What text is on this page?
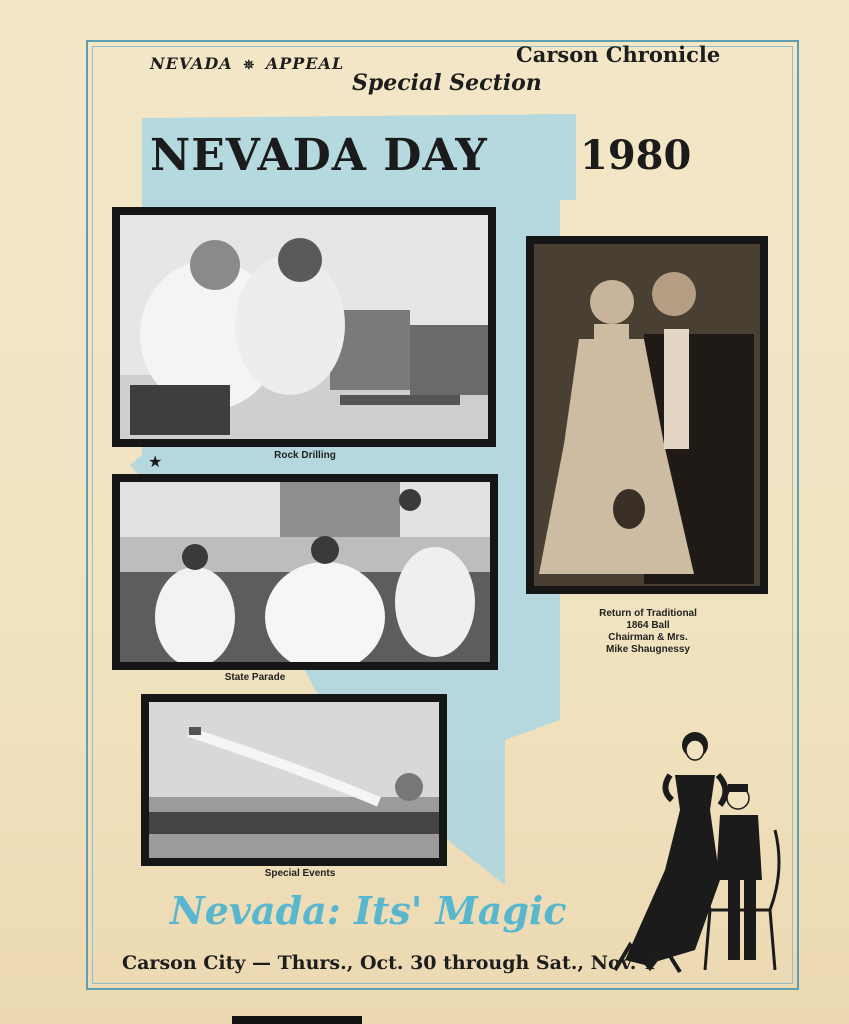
NEVADA ⛯ APPEAL	Carson Chronicle
Special Section
NEVADA DAY 1980
Rock Drilling
★
State Parade
Special Events
Return of Traditional
1864 Ball
Chairman & Mrs.
Mike Shaugnessy
Nevada: Its' Magic
Carson City — Thurs., Oct. 30 through Sat., Nov. 1
